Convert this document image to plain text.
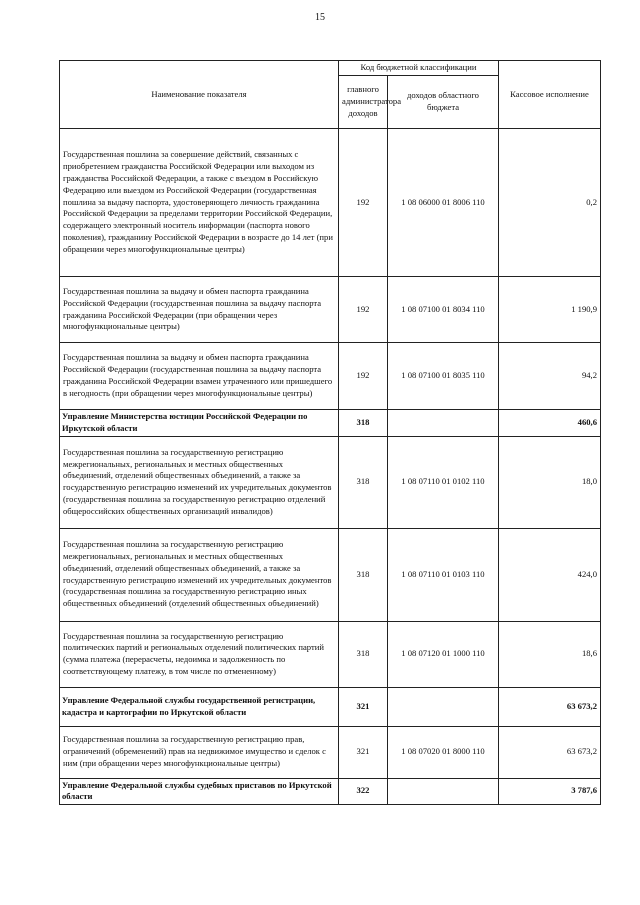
15
Наименование показателя	Код бюджетной классификации		Кассовое исполнение
	главного администратора доходов	доходов областного бюджета	
Государственная пошлина за совершение действий, связанных с приобретением гражданства Российской Федерации или выходом из гражданства Российской Федерации, а также с въездом в Российскую Федерацию или выездом из Российской Федерации (государственная пошлина за выдачу паспорта, удостоверяющего личность гражданина Российской Федерации за пределами территории Российской Федерации, содержащего электронный носитель информации (паспорта нового поколения), гражданину Российской Федерации в возрасте до 14 лет (при обращении через многофункциональные центры)	192	1 08 06000 01 8006 110	0,2
Государственная пошлина за выдачу и обмен паспорта гражданина Российской Федерации (государственная пошлина за выдачу паспорта гражданина Российской Федерации (при обращении через многофункциональные центры)	192	1 08 07100 01 8034 110	1 190,9
Государственная пошлина за выдачу и обмен паспорта гражданина Российской Федерации (государственная пошлина за выдачу паспорта гражданина Российской Федерации взамен утраченного или пришедшего в негодность (при обращении через многофункциональные центры)	192	1 08 07100 01 8035 110	94,2
Управление Министерства юстиции Российской Федерации по Иркутской области	318		460,6
Государственная пошлина за государственную регистрацию межрегиональных, региональных и местных общественных объединений, отделений общественных объединений, а также за государственную регистрацию изменений их учредительных документов (государственная пошлина за государственную регистрацию отделений общероссийских общественных организаций инвалидов)	318	1 08 07110 01 0102 110	18,0
Государственная пошлина за государственную регистрацию межрегиональных, региональных и местных общественных объединений, отделений общественных объединений, а также за государственную регистрацию изменений их учредительных документов (государственная пошлина за государственную регистрацию иных общественных объединений (отделений общественных объединений)	318	1 08 07110 01 0103 110	424,0
Государственная пошлина за государственную регистрацию политических партий и региональных отделений политических партий (сумма платежа (перерасчеты, недоимка и задолженность по соответствующему платежу, в том числе по отмененному)	318	1 08 07120 01 1000 110	18,6
Управление Федеральной службы государственной регистрации, кадастра и картографии по Иркутской области	321		63 673,2
Государственная пошлина за государственную регистрацию прав, ограничений (обременений) прав на недвижимое имущество и сделок с ним (при обращении через многофункциональные центры)	321	1 08 07020 01 8000 110	63 673,2
Управление Федеральной службы судебных приставов по Иркутской области	322		3 787,6
